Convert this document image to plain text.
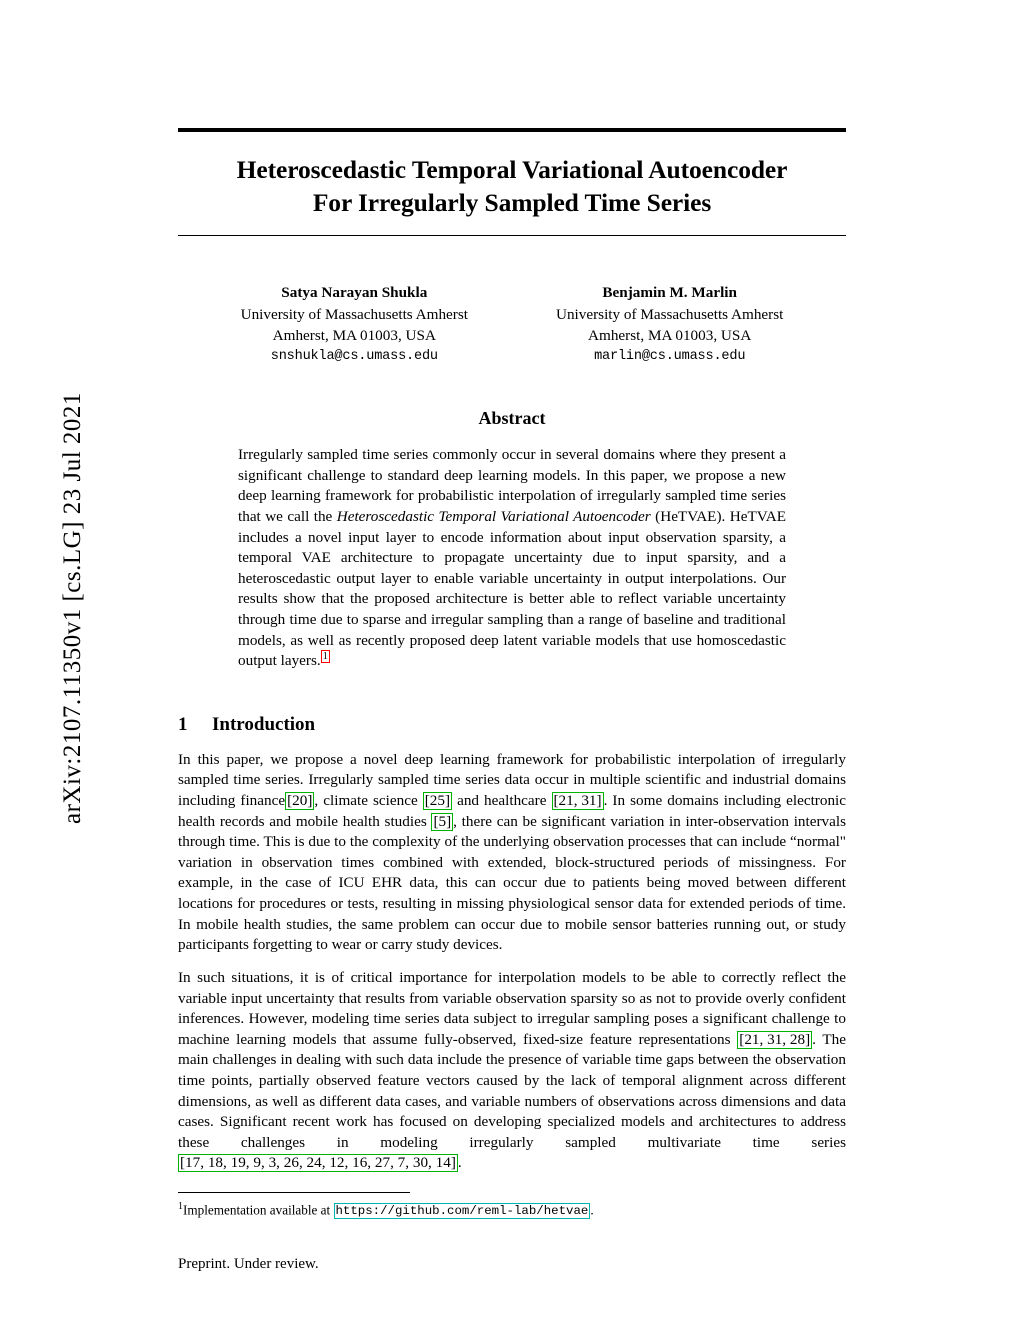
arXiv:2107.11350v1 [cs.LG] 23 Jul 2021
Heteroscedastic Temporal Variational Autoencoder
For Irregularly Sampled Time Series
Satya Narayan Shukla
University of Massachusetts Amherst
Amherst, MA 01003, USA
snshukla@cs.umass.edu
Benjamin M. Marlin
University of Massachusetts Amherst
Amherst, MA 01003, USA
marlin@cs.umass.edu
Abstract
Irregularly sampled time series commonly occur in several domains where they present a significant challenge to standard deep learning models. In this paper, we propose a new deep learning framework for probabilistic interpolation of irregularly sampled time series that we call the Heteroscedastic Temporal Variational Autoencoder (HeTVAE). HeTVAE includes a novel input layer to encode information about input observation sparsity, a temporal VAE architecture to propagate uncertainty due to input sparsity, and a heteroscedastic output layer to enable variable uncertainty in output interpolations. Our results show that the proposed architecture is better able to reflect variable uncertainty through time due to sparse and irregular sampling than a range of baseline and traditional models, as well as recently proposed deep latent variable models that use homoscedastic output layers. $^1$
1 Introduction
In this paper, we propose a novel deep learning framework for probabilistic interpolation of irregularly sampled time series. Irregularly sampled time series data occur in multiple scientific and industrial domains including finance [20] , climate science [25] and healthcare [21, 31] . In some domains including electronic health records and mobile health studies [5] , there can be significant variation in inter-observation intervals through time. This is due to the complexity of the underlying observation processes that can include “normal" variation in observation times combined with extended, block-structured periods of missingness. For example, in the case of ICU EHR data, this can occur due to patients being moved between different locations for procedures or tests, resulting in missing physiological sensor data for extended periods of time. In mobile health studies, the same problem can occur due to mobile sensor batteries running out, or study participants forgetting to wear or carry study devices.
In such situations, it is of critical importance for interpolation models to be able to correctly reflect the variable input uncertainty that results from variable observation sparsity so as not to provide overly confident inferences. However, modeling time series data subject to irregular sampling poses a significant challenge to machine learning models that assume fully-observed, fixed-size feature representations [21, 31, 28] . The main challenges in dealing with such data include the presence of variable time gaps between the observation time points, partially observed feature vectors caused by the lack of temporal alignment across different dimensions, as well as different data cases, and variable numbers of observations across dimensions and data cases. Significant recent work has focused on developing specialized models and architectures to address these challenges in modeling irregularly sampled multivariate time series [17, 18, 19, 9, 3, 26, 24, 12, 16, 27, 7, 30, 14] .
$^1$Implementation available at https://github.com/reml-lab/hetvae .
Preprint. Under review.
